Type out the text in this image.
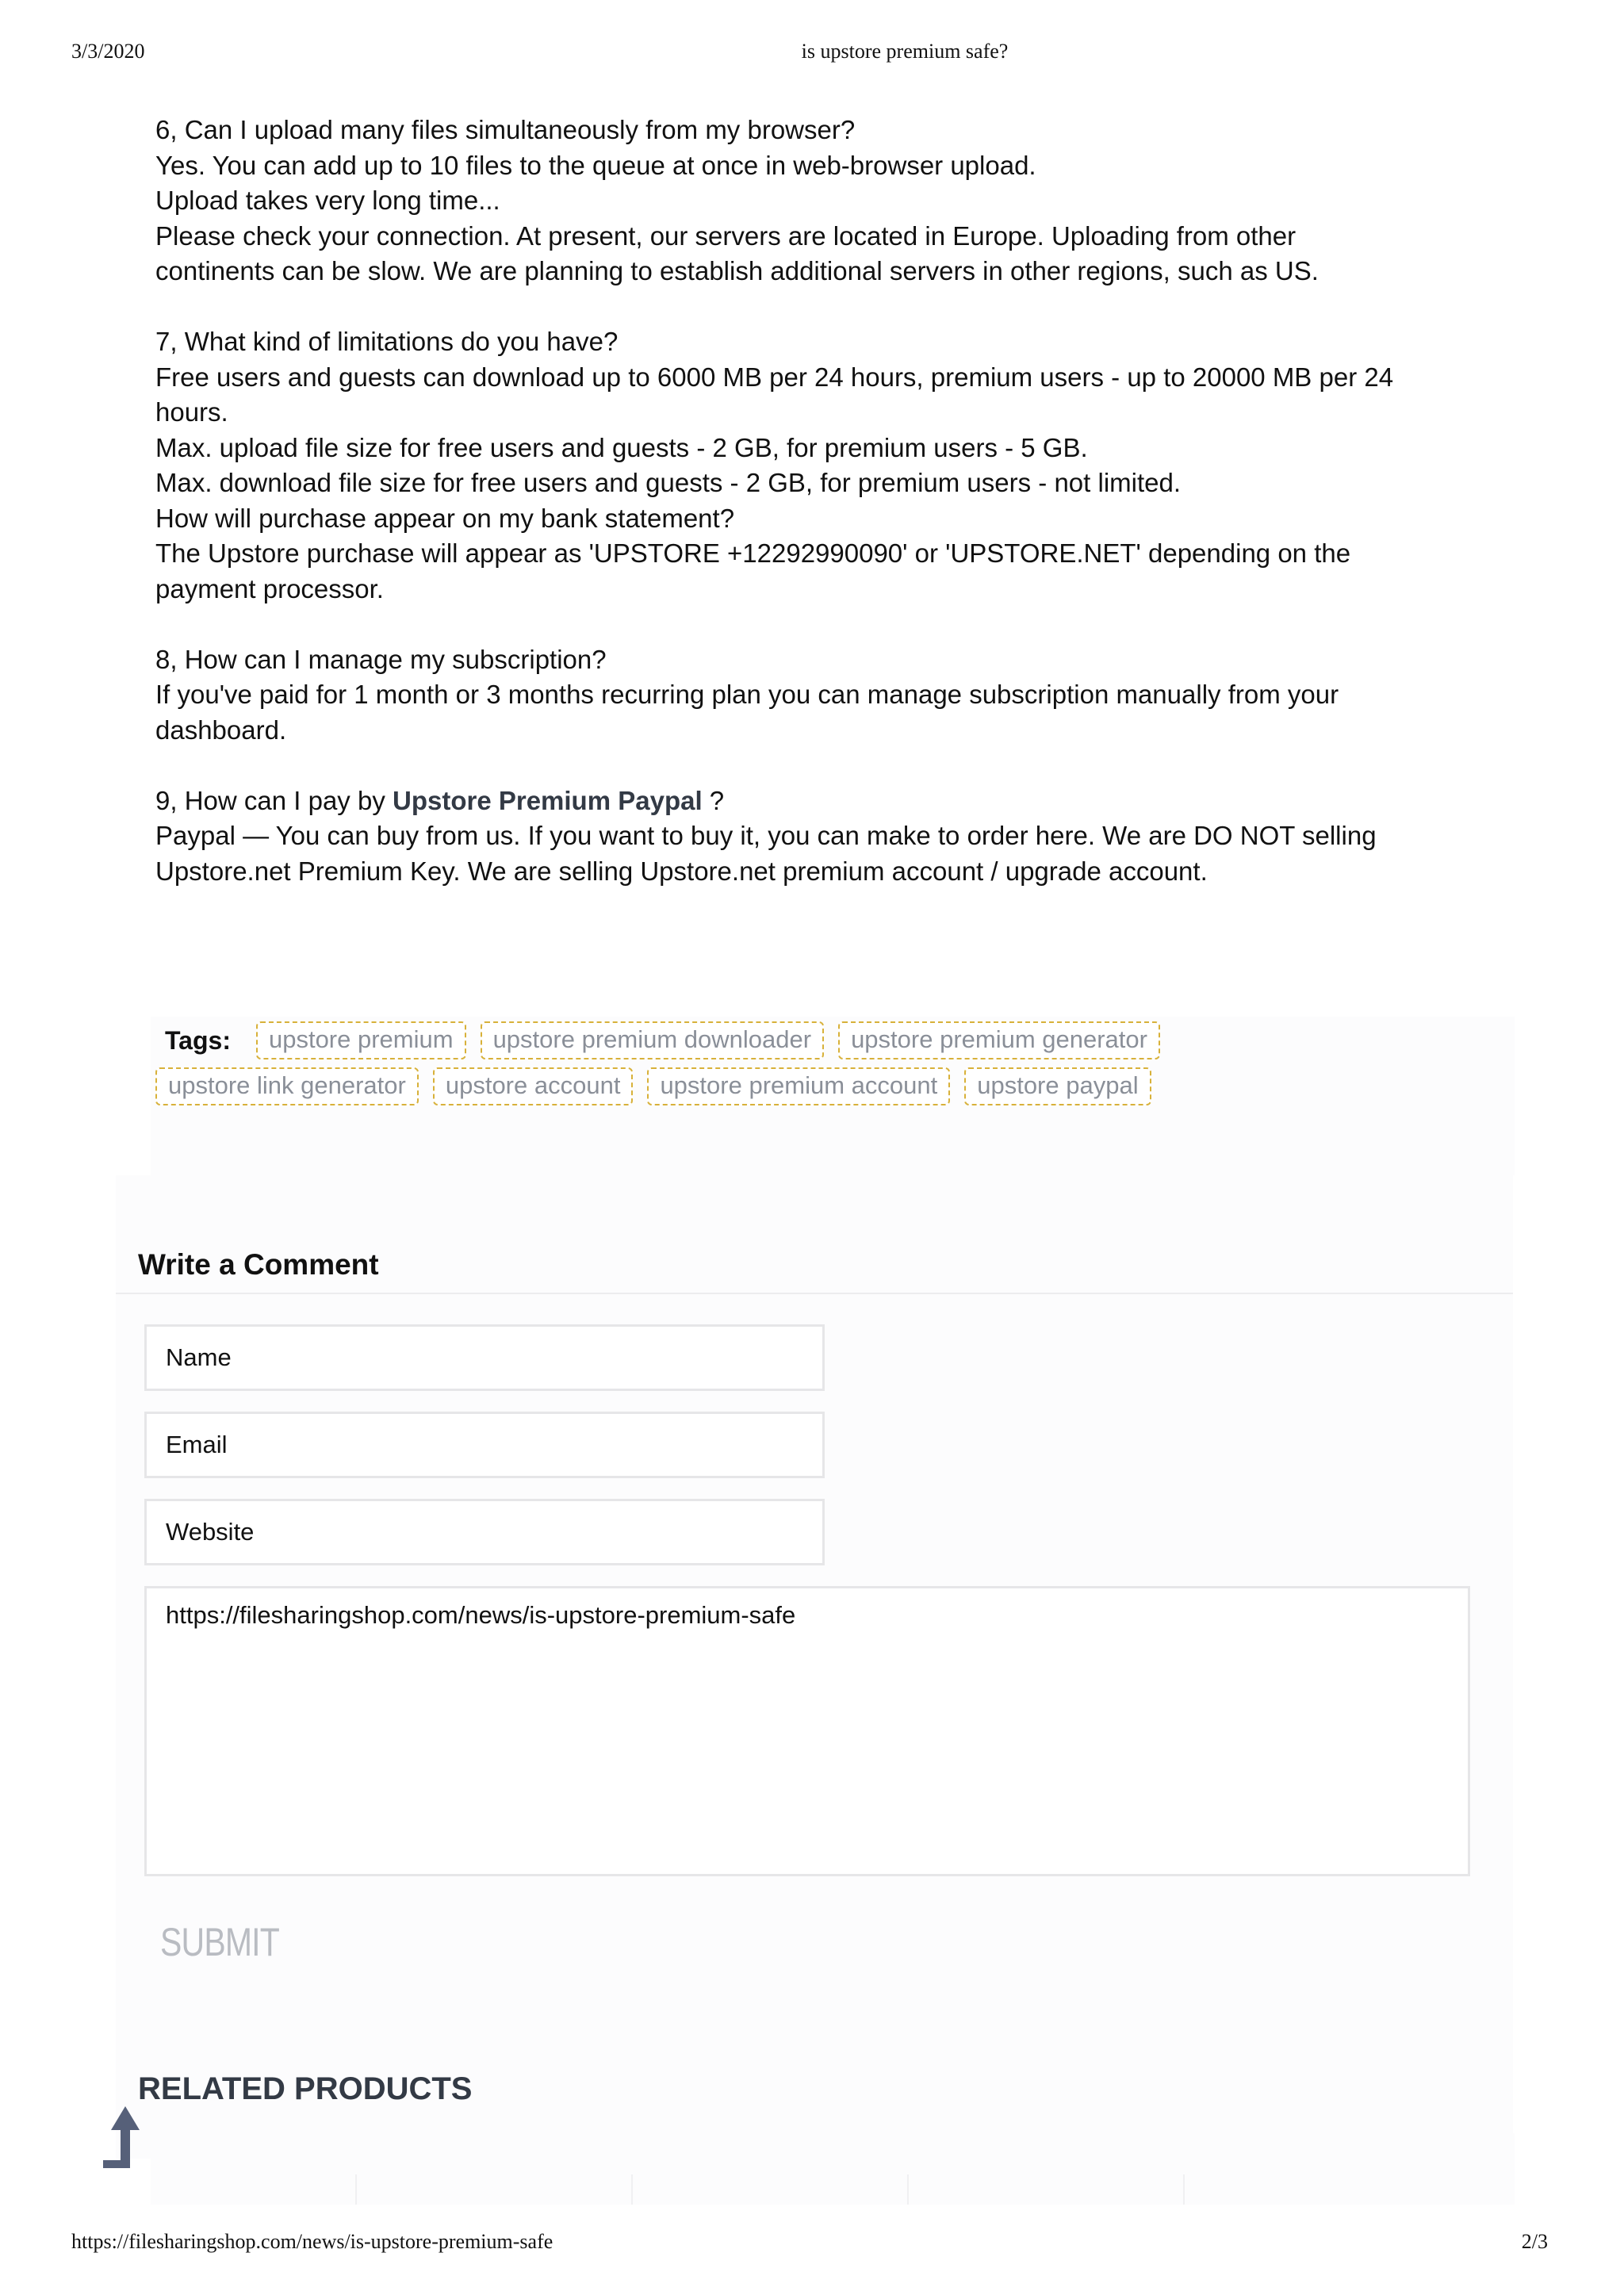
3/3/2020	is upstore premium safe?

6, Can I upload many files simultaneously from my browser?

Yes. You can add up to 10 files to the queue at once in web-browser upload.

Upload takes very long time...

Please check your connection. At present, our servers are located in Europe. Uploading from other

continents can be slow. We are planning to establish additional servers in other regions, such as US.

7, What kind of limitations do you have?

Free users and guests can download up to 6000 MB per 24 hours, premium users - up to 20000 MB per 24

hours.

Max. upload file size for free users and guests - 2 GB, for premium users - 5 GB.

Max. download file size for free users and guests - 2 GB, for premium users - not limited.

How will purchase appear on my bank statement?

The Upstore purchase will appear as 'UPSTORE +12292990090' or 'UPSTORE.NET' depending on the

payment processor.

8, How can I manage my subscription?

If you've paid for 1 month or 3 months recurring plan you can manage subscription manually from your

dashboard.

9, How can I pay by Upstore Premium Paypal ?

Paypal — You can buy from us. If you want to buy it, you can make to order here. We are DO NOT selling

Upstore.net Premium Key. We are selling Upstore.net premium account / upgrade account.

Tags:	upstore premium	upstore premium downloader	upstore premium generator
upstore link generator	upstore account	upstore premium account	upstore paypal
Write a Comment
Name
Email
Website
https://filesharingshop.com/news/is-upstore-premium-safe
SUBMIT
RELATED PRODUCTS
https://filesharingshop.com/news/is-upstore-premium-safe	2/3
